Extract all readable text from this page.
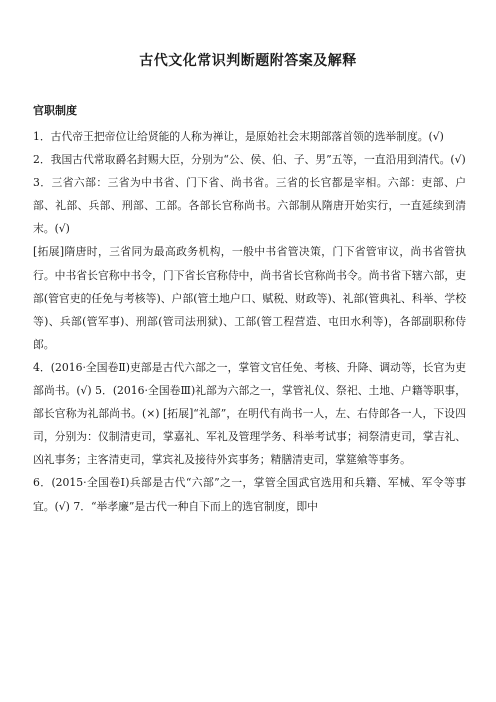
古代文化常识判断题附答案及解释
官职制度

1．古代帝王把帝位让给贤能的人称为禅让，是原始社会末期部落首领的选举制度。(√)

2．我国古代常取爵名封赐大臣，分别为“公、侯、伯、子、男”五等，一直沿用到清代。(√)

3．三省六部：三省为中书省、门下省、尚书省。三省的长官都是宰相。六部：吏部、户部、礼部、兵部、刑部、工部。各部长官称尚书。六部制从隋唐开始实行，一直延续到清末。(√)

[拓展]隋唐时，三省同为最高政务机构，一般中书省管决策，门下省管审议，尚书省管执行。中书省长官称中书令，门下省长官称侍中，尚书省长官称尚书令。尚书省下辖六部，吏部(管官吏的任免与考核等)、户部(管土地户口、赋税、财政等)、礼部(管典礼、科举、学校等)、兵部(管军事)、刑部(管司法刑狱)、工部(管工程营造、屯田水利等)，各部副职称侍郎。

4．(2016·全国卷Ⅱ)吏部是古代六部之一，掌管文官任免、考核、升降、调动等，长官为吏部尚书。(√) 5．(2016·全国卷Ⅲ)礼部为六部之一，掌管礼仪、祭祀、土地、户籍等职事，部长官称为礼部尚书。(×) [拓展]“礼部”，在明代有尚书一人，左、右侍郎各一人，下设四司，分别为：仪制清吏司，掌嘉礼、军礼及管理学务、科举考试事；祠祭清吏司，掌吉礼、凶礼事务；主客清吏司，掌宾礼及接待外宾事务；精膳清吏司，掌筵飨等事务。

6．(2015·全国卷Ⅰ)兵部是古代“六部”之一，掌管全国武官选用和兵籍、军械、军令等事宜。(√) 7．“举孝廉”是古代一种自下而上的选官制度，即中
